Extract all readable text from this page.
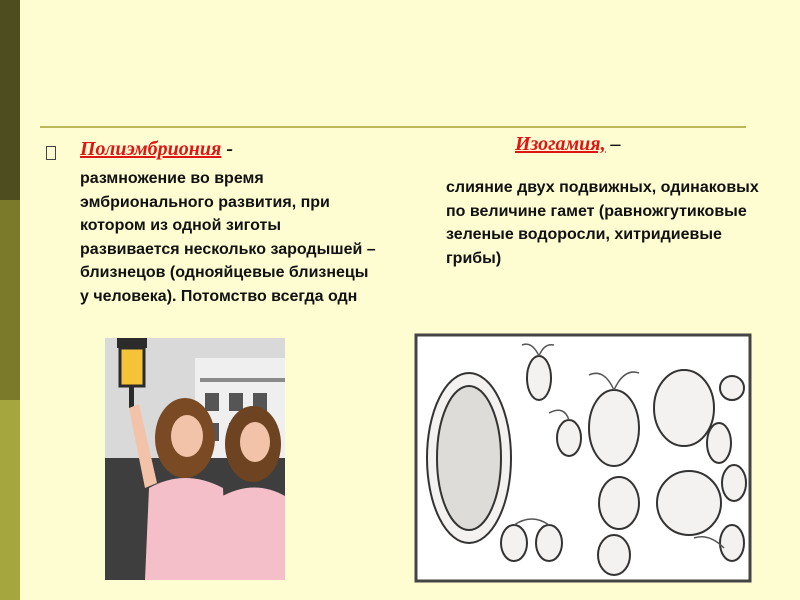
Полиэмбриония -
размножение во время эмбрионального развития, при котором из одной зиготы развивается несколько зародышей – близнецов (однояйцевые близнецы у человека). Потомство всегда одн
Изогамия, –
слияние двух подвижных, одинаковых по величине гамет (равножгутиковые зеленые водоросли, хитридиевые грибы)
